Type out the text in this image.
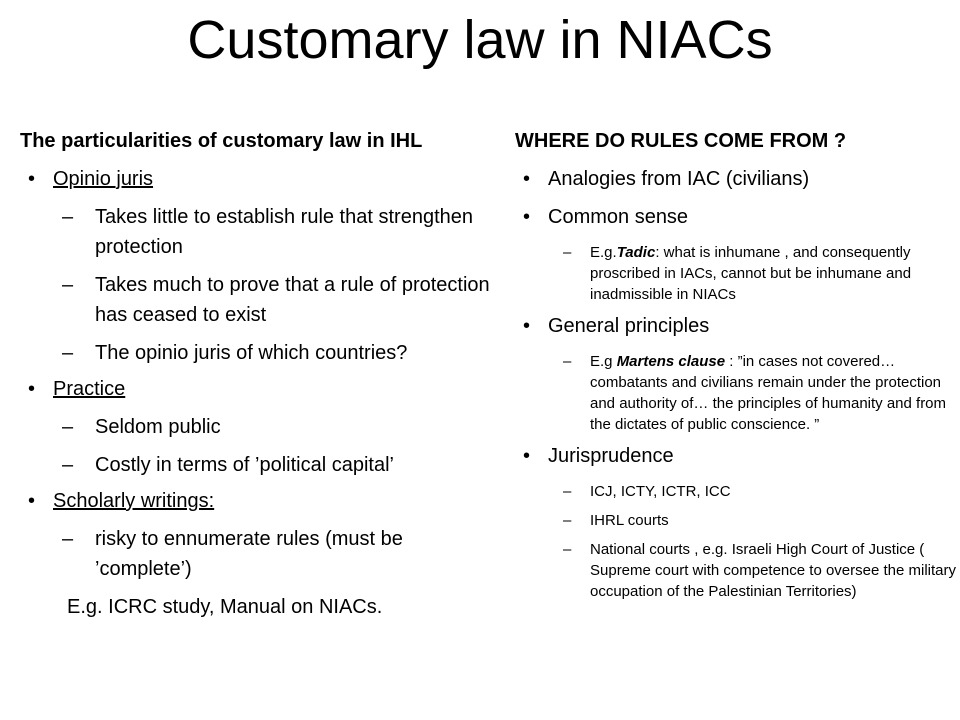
Customary law in NIACs
The particularities of customary law in IHL
• Opinio juris
– Takes little to establish rule that strengthen protection
– Takes much to prove that a rule of protection has ceased to exist
– The opinio juris of which countries?
• Practice
– Seldom public
– Costly in terms of ’political capital’
• Scholarly writings:
– risky to ennumerate rules (must be ’complete’)
E.g. ICRC study, Manual on NIACs.
WHERE DO RULES COME FROM ?
• Analogies from IAC (civilians)
• Common sense
– E.g.Tadic: what is inhumane , and consequently proscribed in IACs, cannot but be inhumane and inadmissible in NIACs
• General principles
– E.g Martens clause : ”in cases not covered…combatants and civilians remain under the protection and authority of… the principles of humanity and from the dictates of public conscience. ”
• Jurisprudence
– ICJ, ICTY, ICTR, ICC
– IHRL courts
– National courts , e.g. Israeli High Court of Justice ( Supreme court with competence to oversee the military occupation of the Palestinian Territories)
